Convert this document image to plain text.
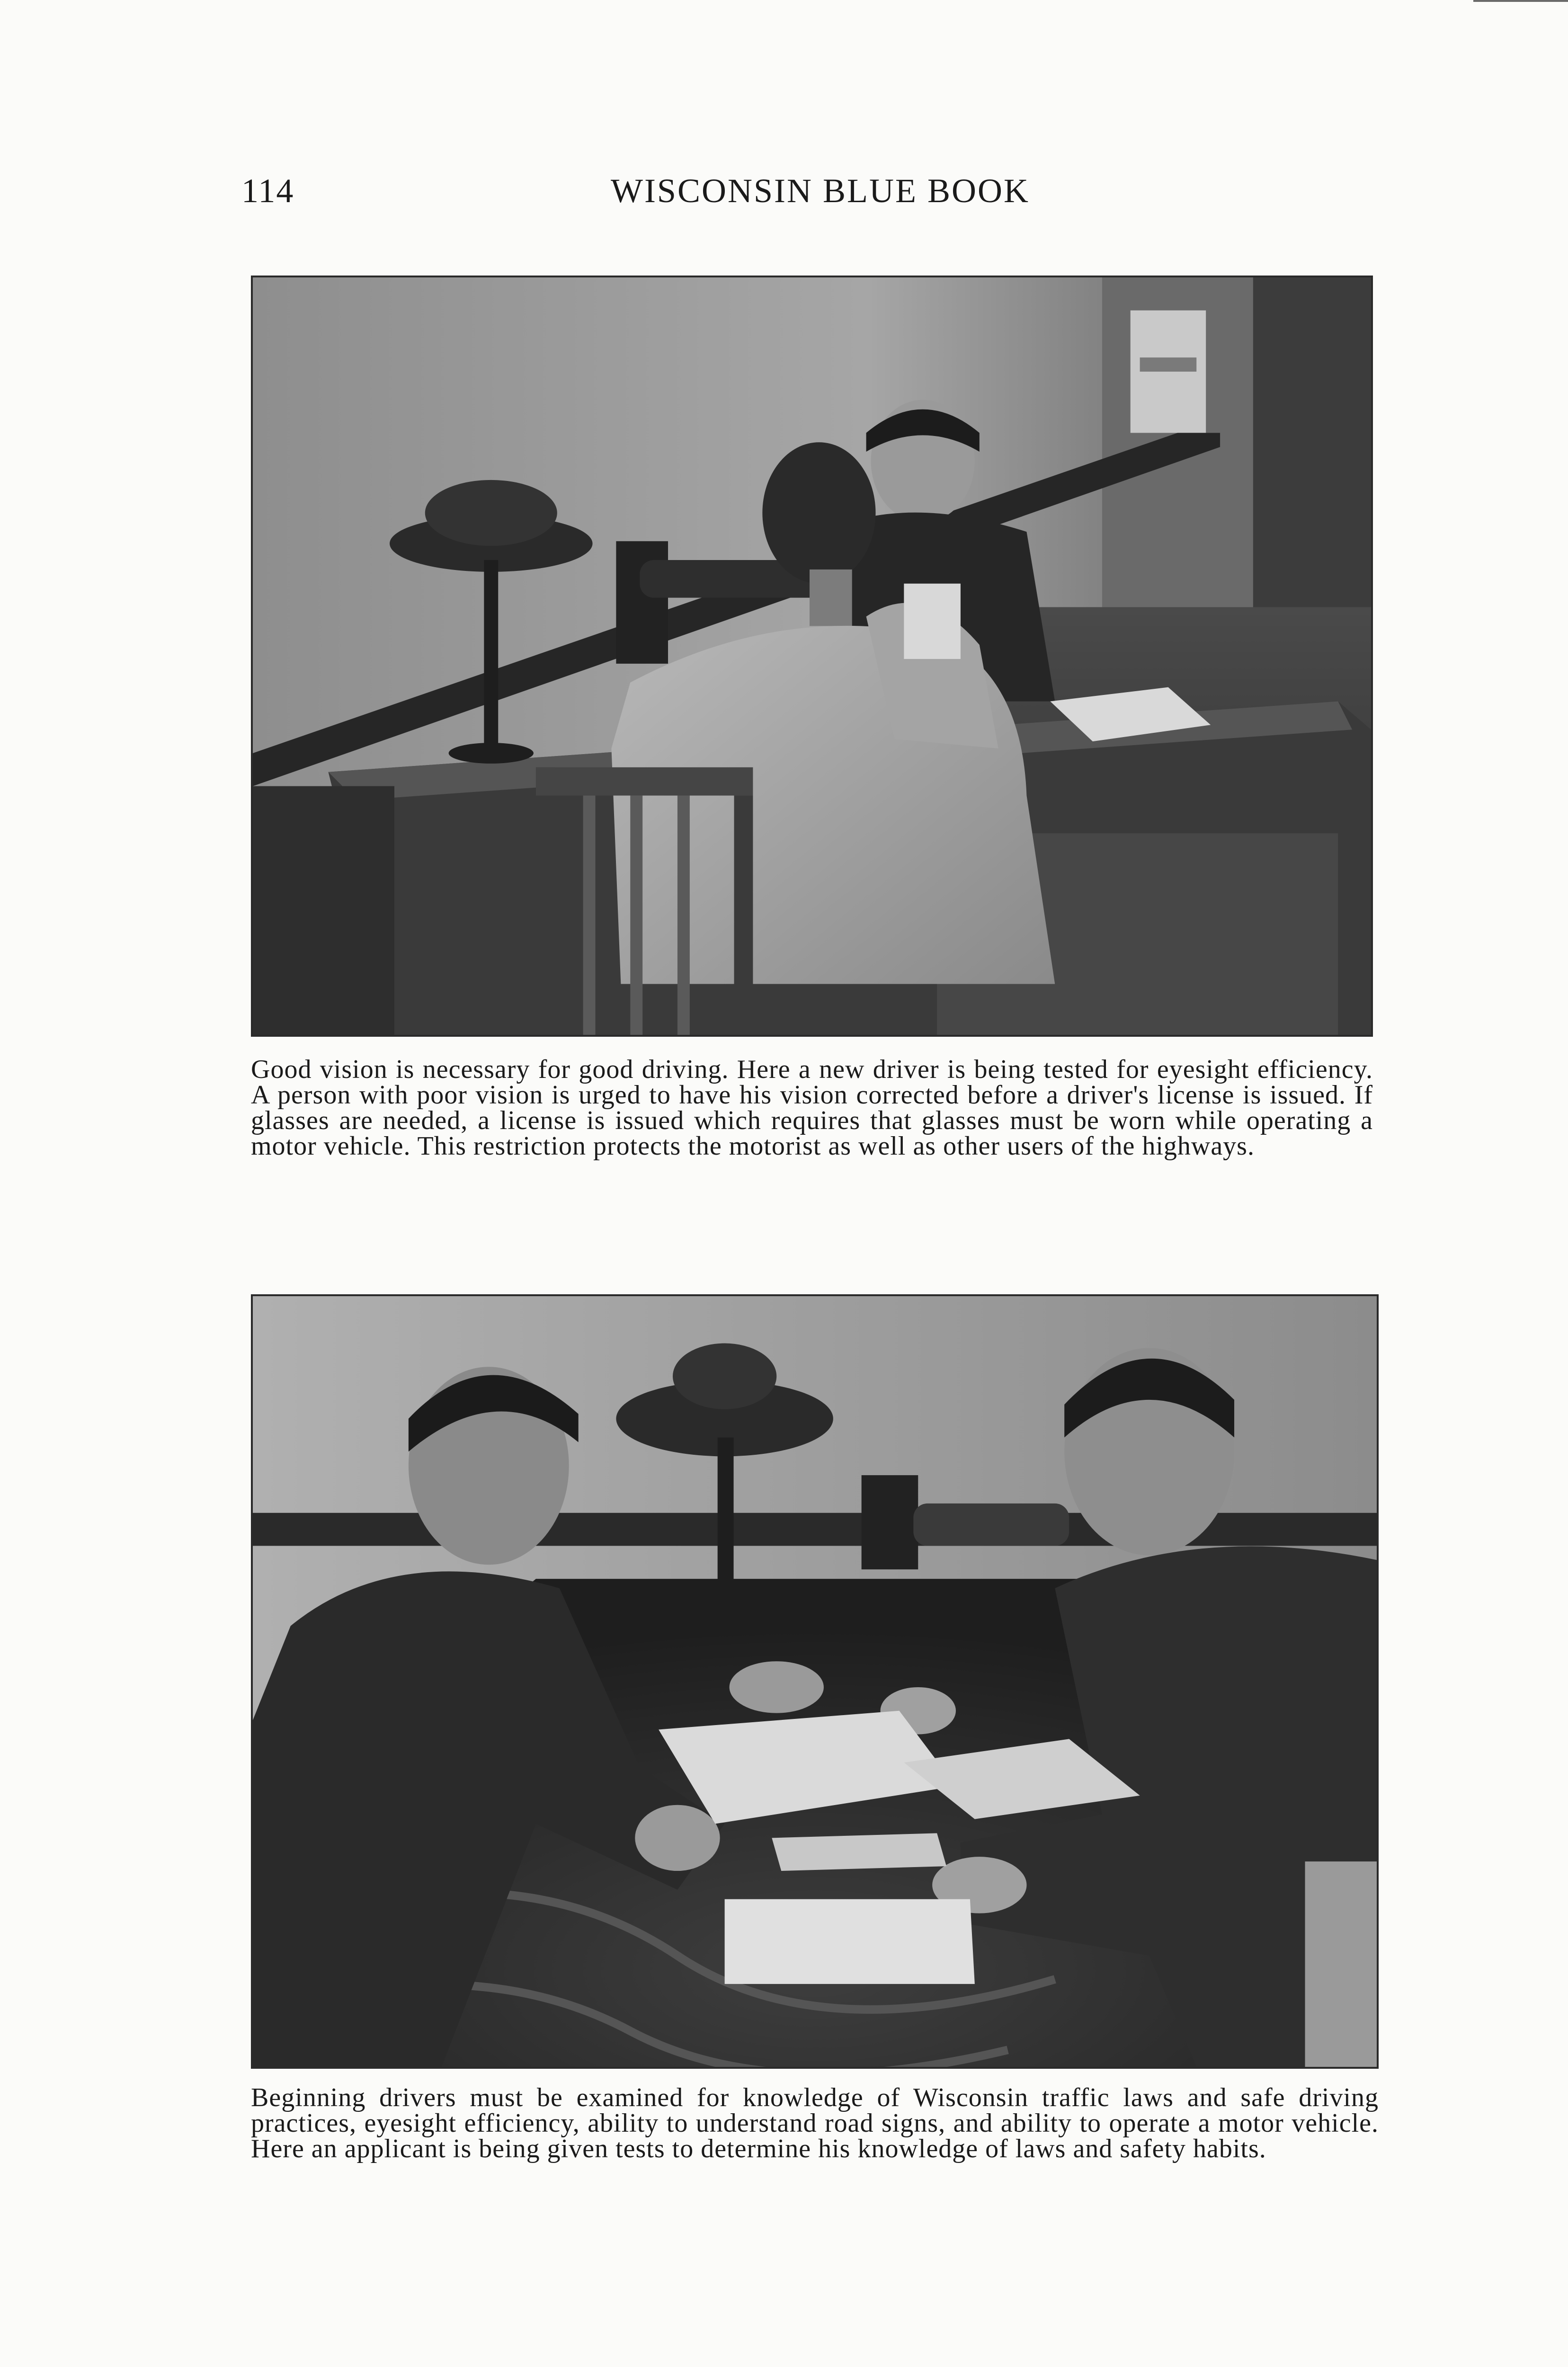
114	WISCONSIN BLUE BOOK
Good vision is necessary for good driving. Here a new driver is being tested for eyesight efficiency. A person with poor vision is urged to have his vision corrected before a driver's license is issued. If glasses are needed, a license is issued which requires that glasses must be worn while operating a motor vehicle. This restriction protects the motorist as well as other users of the highways.
Beginning drivers must be examined for knowledge of Wisconsin traffic laws and safe driving practices, eyesight efficiency, ability to understand road signs, and ability to operate a motor vehicle. Here an applicant is being given tests to determine his knowledge of laws and safety habits.
